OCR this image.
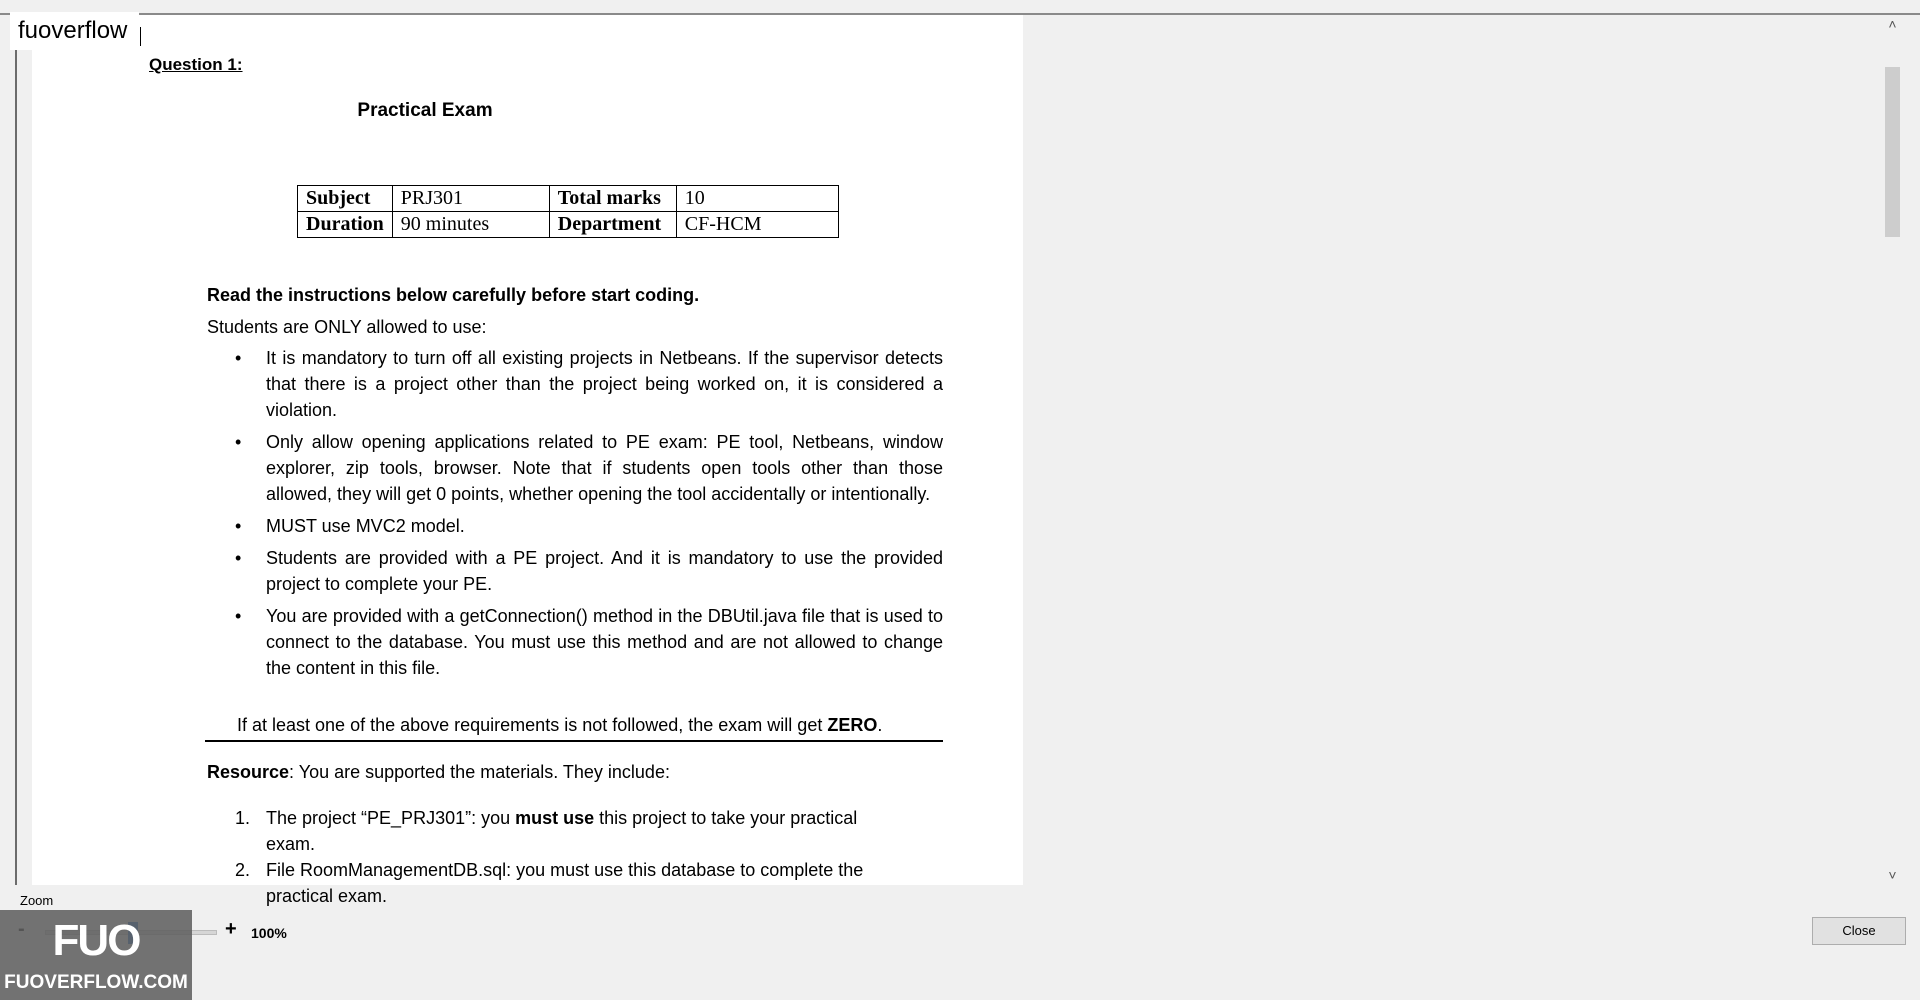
Question 1:
Practical Exam
Subject	PRJ301	Total marks	10
Duration	90 minutes	Department	CF-HCM
Read the instructions below carefully before start coding.
Students are ONLY allowed to use:
• It is mandatory to turn off all existing projects in Netbeans. If the supervisor detects that there is a project other than the project being worked on, it is considered a violation.
• Only allow opening applications related to PE exam: PE tool, Netbeans, window explorer, zip tools, browser. Note that if students open tools other than those allowed, they will get 0 points, whether opening the tool accidentally or intentionally.
• MUST use MVC2 model.
• Students are provided with a PE project. And it is mandatory to use the provided project to complete your PE.
• You are provided with a getConnection() method in the DBUtil.java file that is used to connect to the database. You must use this method and are not allowed to change the content in this file.
If at least one of the above requirements is not followed, the exam will get ZERO.
Resource: You are supported the materials. They include:
1. The project “PE_PRJ301”: you must use this project to take your practical exam.
2. File RoomManagementDB.sql: you must use this database to complete the practical exam.
fuoverflow	˄
˅
Zoom
+ 100%
FUO
FUOVERFLOW.COM
Close
